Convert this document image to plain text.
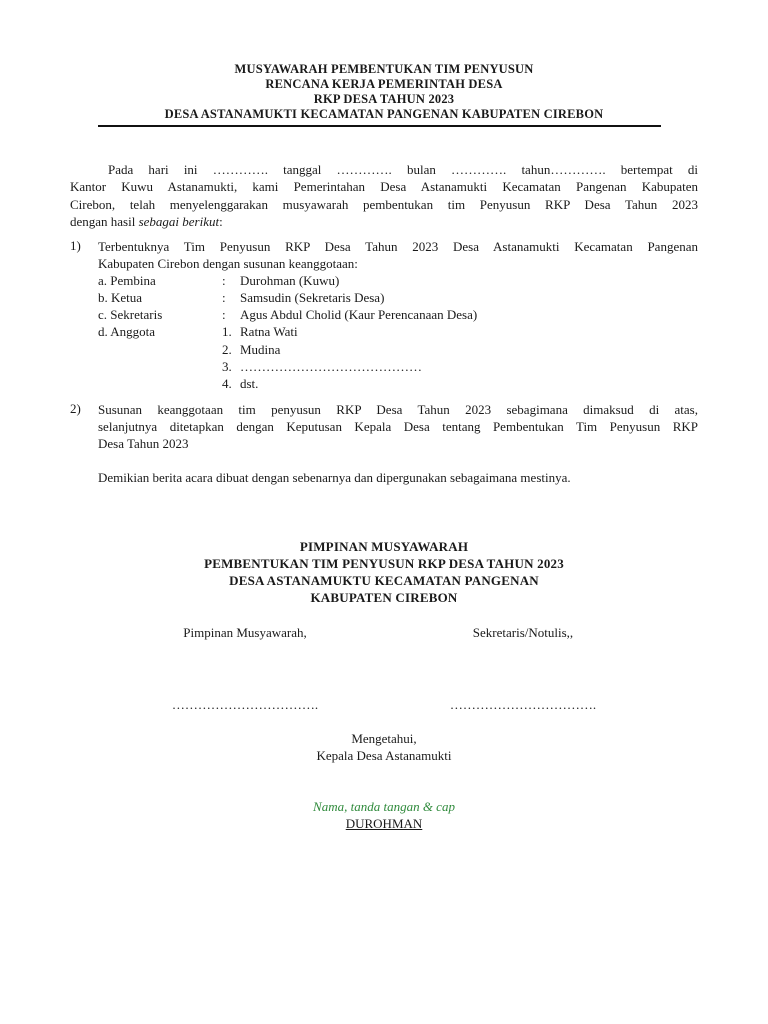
MUSYAWARAH PEMBENTUKAN TIM PENYUSUN
RENCANA KERJA PEMERINTAH DESA
RKP DESA TAHUN 2023
DESA ASTANAMUKTI KECAMATAN PANGENAN KABUPATEN CIREBON
Pada hari ini …………. tanggal …………. bulan …………. tahun…………. bertempat di
Kantor Kuwu Astanamukti, kami Pemerintahan Desa Astanamukti Kecamatan Pangenan Kabupaten
Cirebon, telah menyelenggarakan musyawarah pembentukan tim Penyusun RKP Desa Tahun 2023
dengan hasil sebagai berikut:
1) Terbentuknya Tim Penyusun RKP Desa Tahun 2023 Desa Astanamukti Kecamatan Pangenan
Kabupaten Cirebon dengan susunan keanggotaan:
a. Pembina	: Durohman (Kuwu)
b. Ketua	: Samsudin (Sekretaris Desa)
c. Sekretaris	: Agus Abdul Cholid (Kaur Perencanaan Desa)
d. Anggota	1. Ratna Wati
2. Mudina
3. ……………………………………
4. dst.
2) Susunan keanggotaan tim penyusun RKP Desa Tahun 2023 sebagimana dimaksud di atas,
selanjutnya ditetapkan dengan Keputusan Kepala Desa tentang Pembentukan Tim Penyusun RKP
Desa Tahun 2023
Demikian berita acara dibuat dengan sebenarnya dan dipergunakan sebagaimana mestinya.
PIMPINAN MUSYAWARAH
PEMBENTUKAN TIM PENYUSUN RKP DESA TAHUN 2023
DESA ASTANAMUKTU KECAMATAN PANGENAN
KABUPATEN CIREBON
Pimpinan Musyawarah,	Sekretaris/Notulis,,
…………………………….	…………………………….
Mengetahui,
Kepala Desa Astanamukti
Nama, tanda tangan & cap
DUROHMAN
